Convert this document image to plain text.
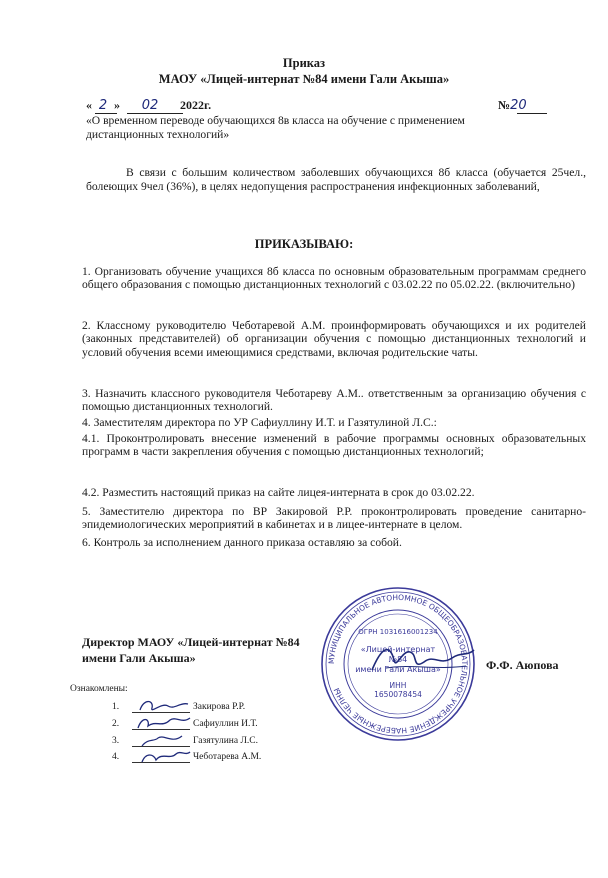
Приказ
МАОУ «Лицей-интернат №84 имени Гали Акыша»
« 2 » 02 2022г.	№20
«О временном переводе обучающихся 8в класса на обучение с применением дистанционных технологий»
В связи с большим количеством заболевших обучающихся 8б класса (обучается 25чел., болеющих 9чел (36%), в целях недопущения распространения инфекционных заболеваний,
ПРИКАЗЫВАЮ:
1. Организовать обучение учащихся 8б класса по основным образовательным программам среднего общего образования с помощью дистанционных технологий с 03.02.22 по 05.02.22. (включительно)
2. Классному руководителю Чеботаревой А.М. проинформировать обучающихся и их родителей (законных представителей) об организации обучения с помощью дистанционных технологий и условий обучения всеми имеющимися средствами, включая родительские чаты.
3. Назначить классного руководителя Чеботареву А.М.. ответственным за организацию обучения с помощью дистанционных технологий.
4. Заместителям директора по УР Сафиуллину И.Т. и Газятулиной Л.С.:
4.1. Проконтролировать внесение изменений в рабочие программы основных образовательных программ в части закрепления обучения с помощью дистанционных технологий;
4.2. Разместить настоящий приказ на сайте лицея-интерната в срок до 03.02.22.
5. Заместителю директора по ВР Закировой Р.Р. проконтролировать проведение санитарно-эпидемиологических мероприятий в кабинетах и в лицее-интернате в целом.
6. Контроль за исполнением данного приказа оставляю за собой.
Директор МАОУ «Лицей-интернат №84
имени Гали Акыша»	Ф.Ф. Аюпова
МУНИЦИПАЛЬНОЕ АВТОНОМНОЕ ОБЩЕОБРАЗОВАТЕЛЬНОЕ УЧРЕЖДЕНИЕ НАБЕРЕЖНЫЕ ЧЕЛНЫ
ОГРН 1031616001234
«Лицей-интернат
№84
имени Гали Акыша»
ИНН
1650078454
Ознакомлены:
1.	Закирова Р.Р.
2.	Сафиуллин И.Т.
3.	Газятулина Л.С.
4.	Чеботарева А.М.
